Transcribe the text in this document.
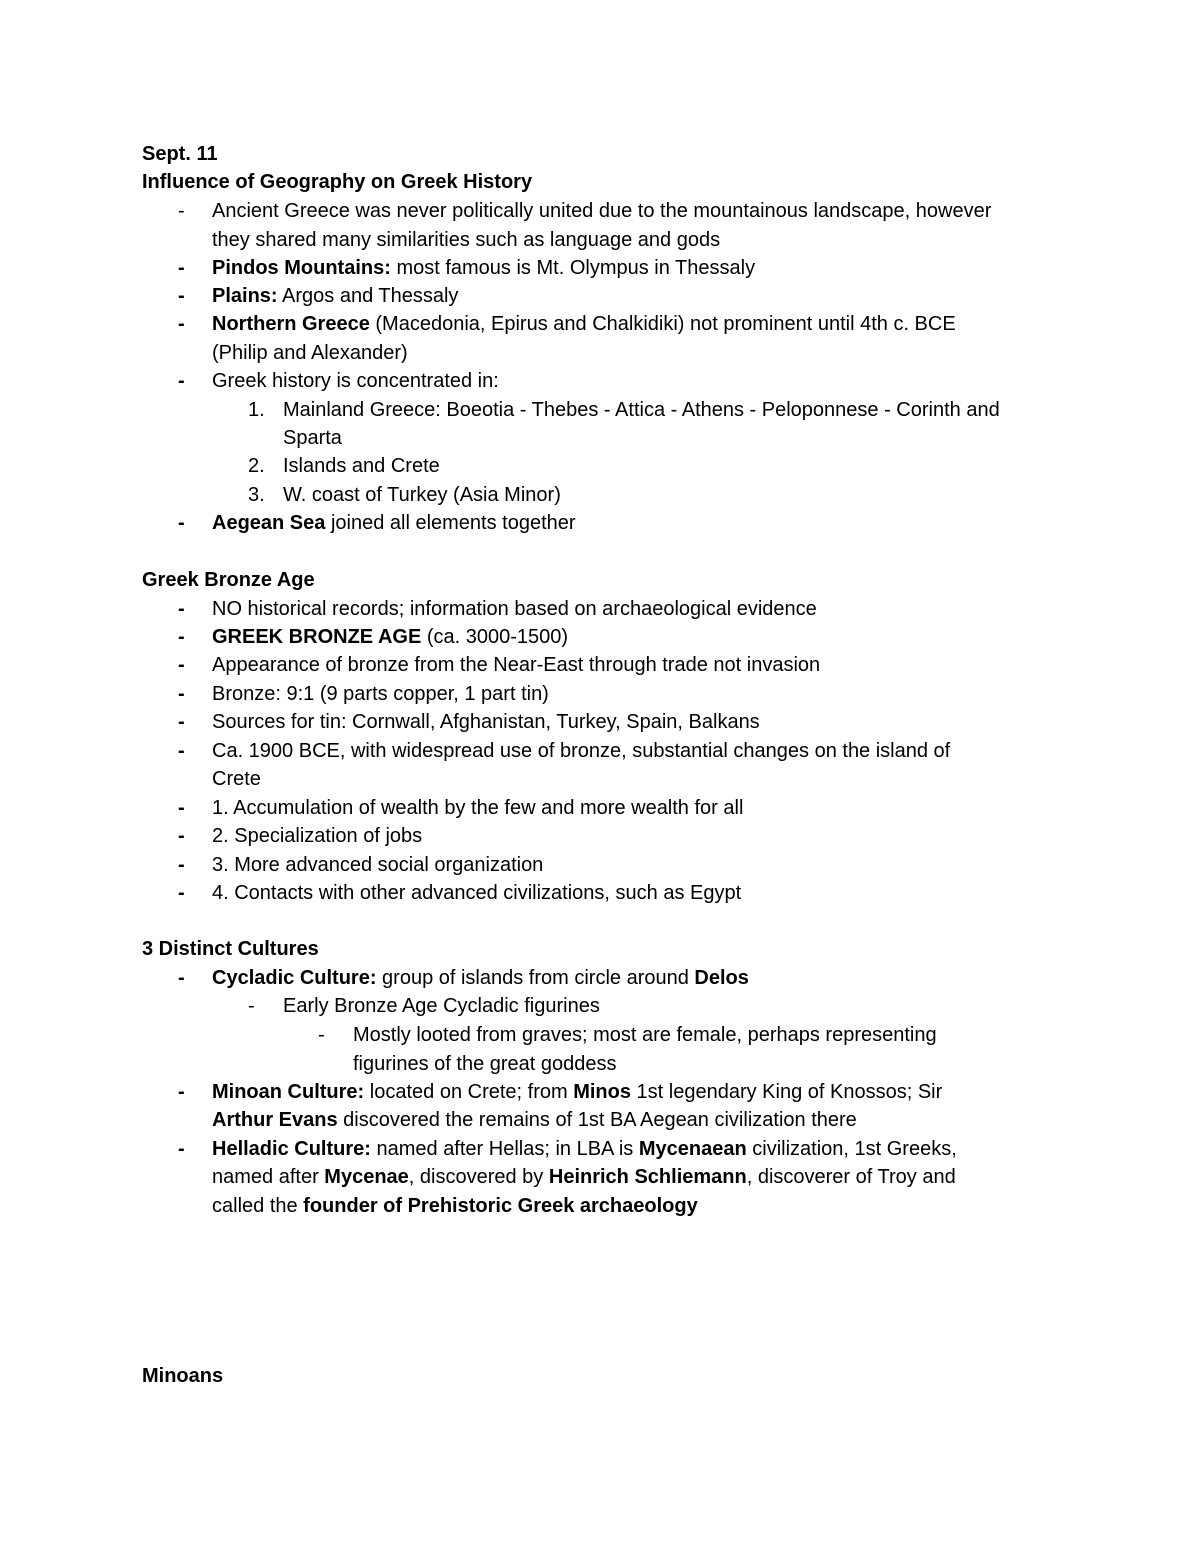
Sept. 11
Influence of Geography on Greek History
- Ancient Greece was never politically united due to the mountainous landscape, however
they shared many similarities such as language and gods
- Pindos Mountains: most famous is Mt. Olympus in Thessaly
- Plains: Argos and Thessaly
- Northern Greece (Macedonia, Epirus and Chalkidiki) not prominent until 4th c. BCE
(Philip and Alexander)
- Greek history is concentrated in:
1. Mainland Greece: Boeotia - Thebes - Attica - Athens - Peloponnese - Corinth and
Sparta
2. Islands and Crete
3. W. coast of Turkey (Asia Minor)
- Aegean Sea joined all elements together
Greek Bronze Age
- NO historical records; information based on archaeological evidence
- GREEK BRONZE AGE (ca. 3000-1500)
- Appearance of bronze from the Near-East through trade not invasion
- Bronze: 9:1 (9 parts copper, 1 part tin)
- Sources for tin: Cornwall, Afghanistan, Turkey, Spain, Balkans
- Ca. 1900 BCE, with widespread use of bronze, substantial changes on the island of
Crete
- 1. Accumulation of wealth by the few and more wealth for all
- 2. Specialization of jobs
- 3. More advanced social organization
- 4. Contacts with other advanced civilizations, such as Egypt
3 Distinct Cultures
- Cycladic Culture: group of islands from circle around Delos
- Early Bronze Age Cycladic figurines
- Mostly looted from graves; most are female, perhaps representing
figurines of the great goddess
- Minoan Culture: located on Crete; from Minos 1st legendary King of Knossos; Sir
Arthur Evans discovered the remains of 1st BA Aegean civilization there
- Helladic Culture: named after Hellas; in LBA is Mycenaean civilization, 1st Greeks,
named after Mycenae, discovered by Heinrich Schliemann, discoverer of Troy and
called the founder of Prehistoric Greek archaeology
Minoans
